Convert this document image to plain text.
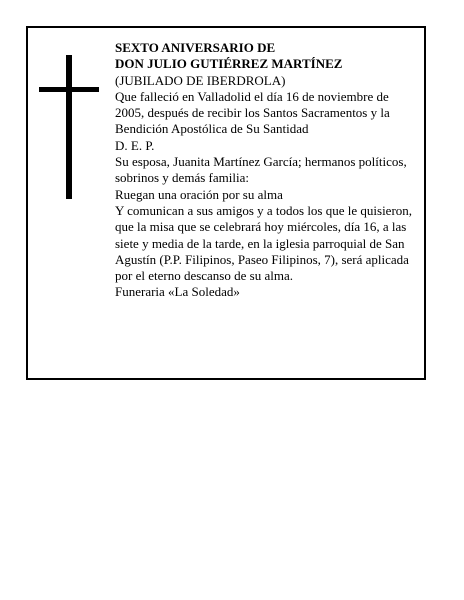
SEXTO ANIVERSARIO DE

DON JULIO GUTIÉRREZ MARTÍNEZ

(JUBILADO DE IBERDROLA)

Que falleció en Valladolid el día 16 de noviembre de 2005, después de recibir los Santos Sacramentos y la Bendición Apostólica de Su Santidad

D. E. P.

Su esposa, Juanita Martínez García; hermanos políticos, sobrinos y demás familia:

Ruegan una oración por su alma

Y comunican a sus amigos y a todos los que le quisieron, que la misa que se celebrará hoy miércoles, día 16, a las siete y media de la tarde, en la iglesia parroquial de San Agustín (P.P. Filipinos, Paseo Filipinos, 7), será aplicada por el eterno descanso de su alma.

Funeraria «La Soledad»
